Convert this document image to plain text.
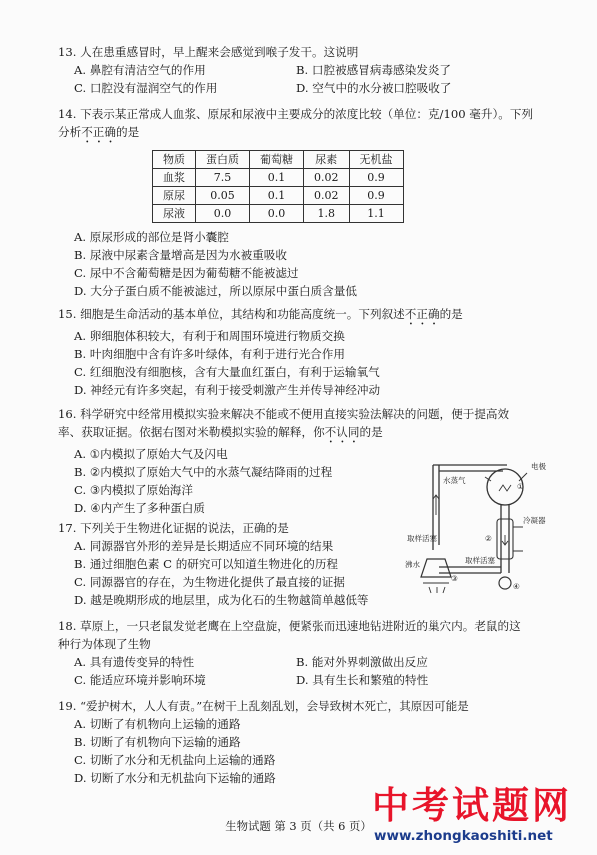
13. 人在患重感冒时，早上醒来会感觉到喉子发干。这说明
A. 鼻腔有清洁空气的作用	B. 口腔被感冒病毒感染发炎了
C. 口腔没有湿润空气的作用	D. 空气中的水分被口腔吸收了
14. 下表示某正常成人血浆、原尿和尿液中主要成分的浓度比较（单位：克/100 毫升）。下列
分析不正确的是
物质	蛋白质	葡萄糖	尿素	无机盐
血浆	7.5	0.1	0.02	0.9
原尿	0.05	0.1	0.02	0.9
尿液	0.0	0.0	1.8	1.1
A. 原尿形成的部位是肾小囊腔
B. 尿液中尿素含量增高是因为水被重吸收
C. 尿中不含葡萄糖是因为葡萄糖不能被滤过
D. 大分子蛋白质不能被滤过，所以原尿中蛋白质含量低
15. 细胞是生命活动的基本单位，其结构和功能高度统一。下列叙述不正确的是
A. 卵细胞体积较大，有利于和周围环境进行物质交换
B. 叶肉细胞中含有许多叶绿体，有利于进行光合作用
C. 红细胞没有细胞核，含有大量血红蛋白，有利于运输氧气
D. 神经元有许多突起，有利于接受刺激产生并传导神经冲动
16. 科学研究中经常用模拟实验来解决不能或不便用直接实验法解决的问题，便于提高效
率、获取证据。依据右图对米勒模拟实验的解释，你不认同的是
A. ①内模拟了原始大气及闪电
B. ②内模拟了原始大气中的水蒸气凝结降雨的过程
C. ③内模拟了原始海洋
D. ④内产生了多种蛋白质
水蒸气
电极
冷凝器
取样活塞
取样活塞
沸水
①
②
③
④
17. 下列关于生物进化证据的说法，正确的是
A. 同源器官外形的差异是长期适应不同环境的结果
B. 通过细胞色素 C 的研究可以知道生物进化的历程
C. 同源器官的存在，为生物进化提供了最直接的证据
D. 越是晚期形成的地层里，成为化石的生物越简单越低等
18. 草原上，一只老鼠发觉老鹰在上空盘旋，便紧张而迅速地钻进附近的巢穴内。老鼠的这
种行为体现了生物
A. 具有遗传变异的特性	B. 能对外界刺激做出反应
C. 能适应环境并影响环境	D. 具有生长和繁殖的特性
19. “爱护树木，人人有责。”在树干上乱刻乱划，会导致树木死亡，其原因可能是
A. 切断了有机物向上运输的通路
B. 切断了有机物向下运输的通路
C. 切断了水分和无机盐向上运输的通路
D. 切断了水分和无机盐向下运输的通路
生物试题 第 3 页（共 6 页） 中考试题网
www.zhongkaoshiti.net
